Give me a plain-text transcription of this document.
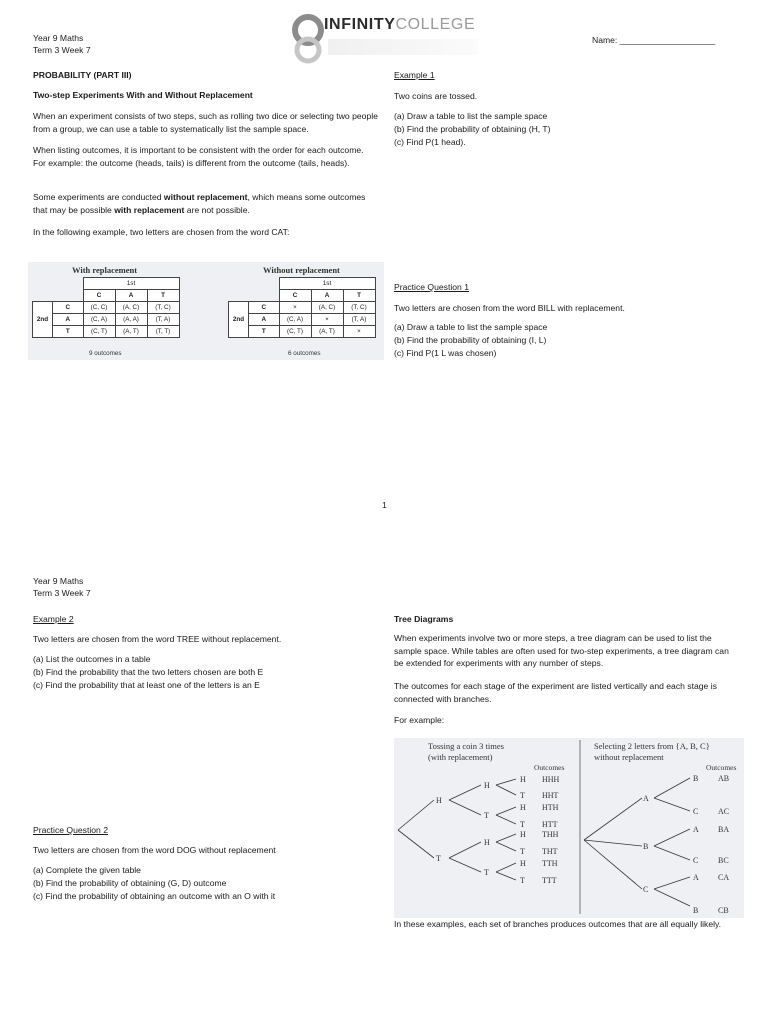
Year 9 Maths
Term 3 Week 7
INFINITYCOLLEGE
Name: ____________________
PROBABILITY (PART III)
Two-step Experiments With and Without Replacement
When an experiment consists of two steps, such as rolling two dice or selecting two people from a group, we can use a table to systematically list the sample space.
When listing outcomes, it is important to be consistent with the order for each outcome. For example: the outcome (heads, tails) is different from the outcome (tails, heads).
Some experiments are conducted without replacement, which means some outcomes that may be possible with replacement are not possible.
In the following example, two letters are chosen from the word CAT:
With replacement	Without replacement
		1st		
		C	A	T
2nd	C	(C, C)	(A, C)	(T, C)
	A	(C, A)	(A, A)	(T, A)
	T	(C, T)	(A, T)	(T, T)
9 outcomes
		1st		
		C	A	T
2nd	C	×	(A, C)	(T, C)
	A	(C, A)	×	(T, A)
	T	(C, T)	(A, T)	×
6 outcomes
Example 1
Two coins are tossed.
(a) Draw a table to list the sample space
(b) Find the probability of obtaining (H, T)
(c) Find P(1 head).
Practice Question 1
Two letters are chosen from the word BILL with replacement.
(a) Draw a table to list the sample space
(b) Find the probability of obtaining (I, L)
(c) Find P(1 L was chosen)
1
Year 9 Maths
Term 3 Week 7
Example 2
Two letters are chosen from the word TREE without replacement.
(a) List the outcomes in a table
(b) Find the probability that the two letters chosen are both E
(c) Find the probability that at least one of the letters is an E
Practice Question 2
Two letters are chosen from the word DOG without replacement
(a) Complete the given table
(b) Find the probability of obtaining (G, D) outcome
(c) Find the probability of obtaining an outcome with an O with it
Tree Diagrams
When experiments involve two or more steps, a tree diagram can be used to list the sample space. While tables are often used for two-step experiments, a tree diagram can be extended for experiments with any number of steps.
The outcomes for each stage of the experiment are listed vertically and each stage is connected with branches.
For example:
Tossing a coin 3 times
(with replacement)
Outcomes
Selecting 2 letters from {A, B, C}
without replacement
Outcomes
H
T
H
T
H
T
H
T
H
T
H
T
H
T
HHH
HHT
HTH
HTT
THH
THT
TTH
TTT
A
B
C
B
C
A
C
A
B
AB
AC
BA
BC
CA
CB
In these examples, each set of branches produces outcomes that are all equally likely.
